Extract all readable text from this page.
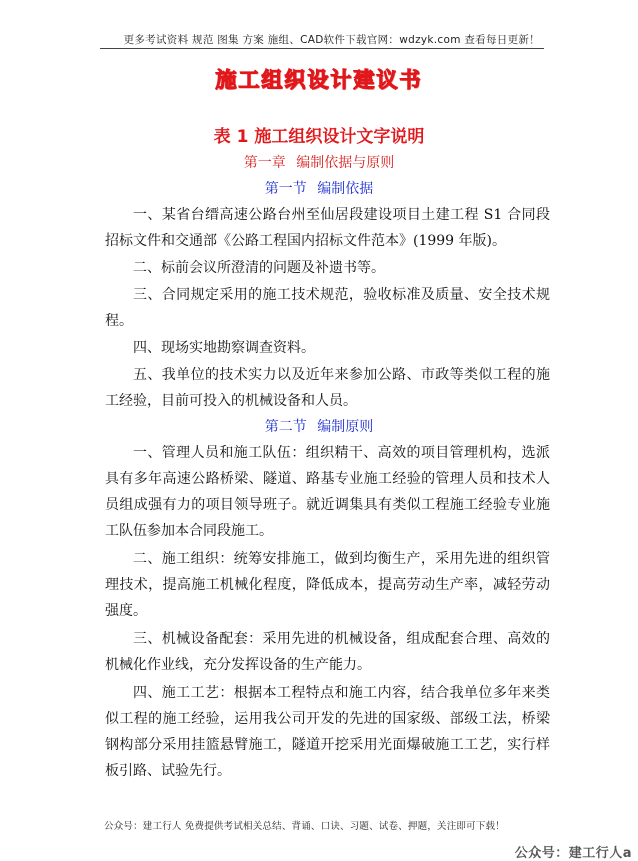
更多考试资料 规范 图集 方案 施组、CAD软件下载官网：wdzyk.com 查看每日更新！
施工组织设计建议书
表 1 施工组织设计文字说明
第一章 编制依据与原则
第一节 编制依据

一、某省台缙高速公路台州至仙居段建设项目土建工程 S1 合同段招标文件和交通部《公路工程国内招标文件范本》(1999 年版)。

二、标前会议所澄清的问题及补遗书等。

三、合同规定采用的施工技术规范，验收标准及质量、安全技术规程。

四、现场实地勘察调查资料。

五、我单位的技术实力以及近年来参加公路、市政等类似工程的施工经验，目前可投入的机械设备和人员。

第二节 编制原则

一、管理人员和施工队伍：组织精干、高效的项目管理机构，选派具有多年高速公路桥梁、隧道、路基专业施工经验的管理人员和技术人员组成强有力的项目领导班子。就近调集具有类似工程施工经验专业施工队伍参加本合同段施工。

二、施工组织：统筹安排施工，做到均衡生产，采用先进的组织管理技术，提高施工机械化程度，降低成本，提高劳动生产率，减轻劳动强度。

三、机械设备配套：采用先进的机械设备，组成配套合理、高效的机械化作业线，充分发挥设备的生产能力。

四、施工工艺：根据本工程特点和施工内容，结合我单位多年来类似工程的施工经验，运用我公司开发的先进的国家级、部级工法，桥梁钢构部分采用挂篮悬臂施工，隧道开挖采用光面爆破施工工艺，实行样板引路、试验先行。

公众号：建工行人 免费提供考试相关总结、背诵、口诀、习题、试卷、押题，关注即可下载！
公众号：建工行人a
